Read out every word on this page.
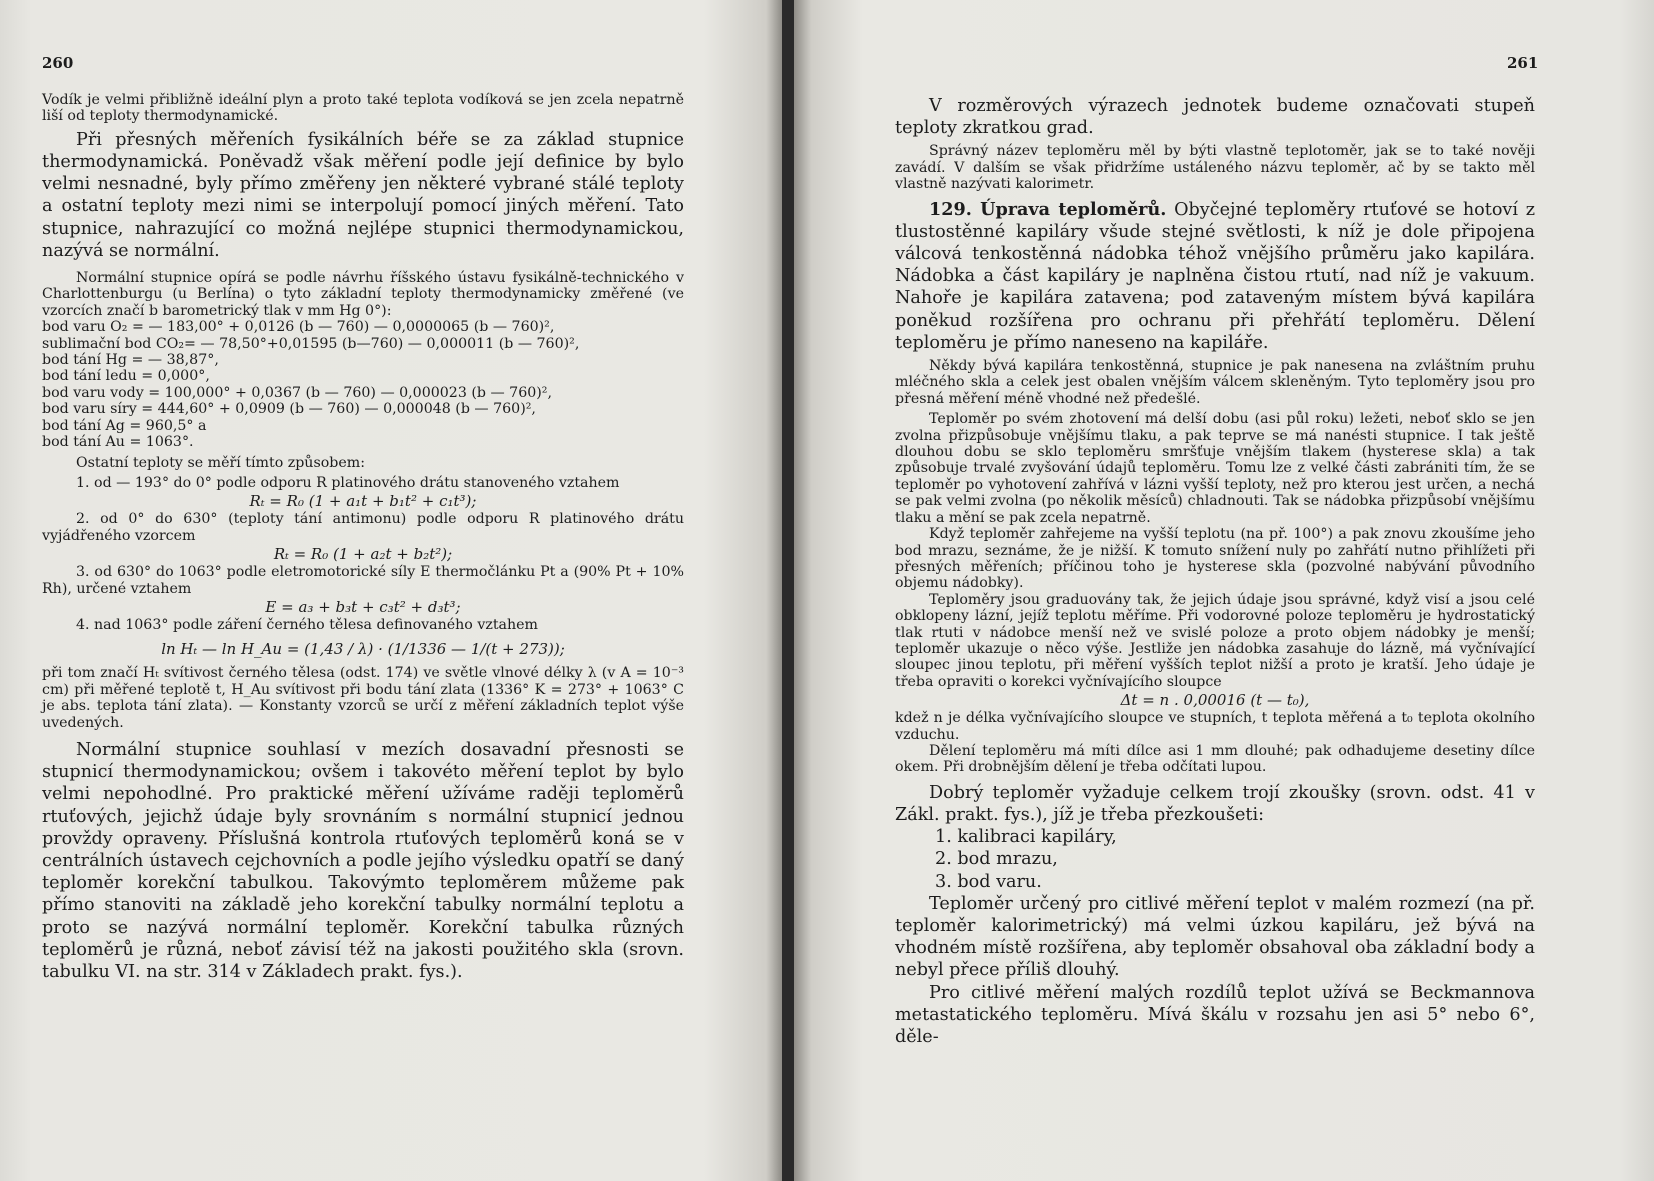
260

Vodík je velmi přibližně ideální plyn a proto také teplota vodíková se jen zcela nepatrně liší od teploty thermodynamické.

Při přesných měřeních fysikálních béře se za základ stupnice thermodynamická. Poněvadž však měření podle její definice by bylo velmi nesnadné, byly přímo změřeny jen některé vybrané stálé teploty a ostatní teploty mezi nimi se interpolují pomocí jiných měření. Tato stupnice, nahrazující co možná nejlépe stupnici thermodynamickou, nazývá se normální.

Normální stupnice opírá se podle návrhu říšského ústavu fysikálně-technického v Charlottenburgu (u Berlína) o tyto základní teploty thermodynamicky změřené (ve vzorcích značí b barometrický tlak v mm Hg 0°):

bod varu O₂ = — 183,00° + 0,0126 (b — 760) — 0,0000065 (b — 760)²,
sublimační bod CO₂= — 78,50°+0,01595 (b—760) — 0,000011 (b — 760)²,
bod tání Hg = — 38,87°,
bod tání ledu = 0,000°,
bod varu vody = 100,000° + 0,0367 (b — 760) — 0,000023 (b — 760)²,
bod varu síry = 444,60° + 0,0909 (b — 760) — 0,000048 (b — 760)²,
bod tání Ag = 960,5° a
bod tání Au = 1063°.

Ostatní teploty se měří tímto způsobem:

1. od — 193° do 0° podle odporu R platinového drátu stanoveného vztahem

Rₜ = R₀ (1 + a₁t + b₁t² + c₁t³);

2. od 0° do 630° (teploty tání antimonu) podle odporu R platinového drátu vyjádřeného vzorcem

Rₜ = R₀ (1 + a₂t + b₂t²);

3. od 630° do 1063° podle eletromotorické síly E thermočlánku Pt a (90% Pt + 10% Rh), určené vztahem

E = a₃ + b₃t + c₃t² + d₃t³;

4. nad 1063° podle záření černého tělesa definovaného vztahem

ln Hₜ — ln H_Au = (1,43 / λ) · (1/1336 — 1/(t + 273));

při tom značí Hₜ svítivost černého tělesa (odst. 174) ve světle vlnové délky λ (v A = 10⁻³ cm) při měřené teplotě t, H_Au svítivost při bodu tání zlata (1336° K = 273° + 1063° C je abs. teplota tání zlata). — Konstanty vzorců se určí z měření základních teplot výše uvedených.

Normální stupnice souhlasí v mezích dosavadní přesnosti se stupnicí thermodynamickou; ovšem i takovéto měření teplot by bylo velmi nepohodlné. Pro praktické měření užíváme raději teploměrů rtuťových, jejichž údaje byly srovnáním s normální stupnicí jednou provždy opraveny. Příslušná kontrola rtuťových teploměrů koná se v centrálních ústavech cejchovních a podle jejího výsledku opatří se daný teploměr korekční tabulkou. Takovýmto teploměrem můžeme pak přímo stanoviti na základě jeho korekční tabulky normální teplotu a proto se nazývá normální teploměr. Korekční tabulka různých teploměrů je různá, neboť závisí též na jakosti použitého skla (srovn. tabulku VI. na str. 314 v Základech prakt. fys.).

261

V rozměrových výrazech jednotek budeme označovati stupeň teploty zkratkou grad.

Správný název teploměru měl by býti vlastně teplotoměr, jak se to také nověji zavádí. V dalším se však přidržíme ustáleného názvu teploměr, ač by se takto měl vlastně nazývati kalorimetr.

129. Úprava teploměrů. Obyčejné teploměry rtuťové se hotoví z tlustostěnné kapiláry všude stejné světlosti, k níž je dole připojena válcová tenkostěnná nádobka téhož vnějšího průměru jako kapilára. Nádobka a část kapiláry je naplněna čistou rtutí, nad níž je vakuum. Nahoře je kapilára zatavena; pod zataveným místem bývá kapilára poněkud rozšířena pro ochranu při přehřátí teploměru. Dělení teploměru je přímo naneseno na kapiláře.

Někdy bývá kapilára tenkostěnná, stupnice je pak nanesena na zvláštním pruhu mléčného skla a celek jest obalen vnějším válcem skleněným. Tyto teploměry jsou pro přesná měření méně vhodné než předešlé.

Teploměr po svém zhotovení má delší dobu (asi půl roku) ležeti, neboť sklo se jen zvolna přizpůsobuje vnějšímu tlaku, a pak teprve se má nanésti stupnice. I tak ještě dlouhou dobu se sklo teploměru smršťuje vnějším tlakem (hysterese skla) a tak způsobuje trvalé zvyšování údajů teploměru. Tomu lze z velké části zabrániti tím, že se teploměr po vyhotovení zahřívá v lázni vyšší teploty, než pro kterou jest určen, a nechá se pak velmi zvolna (po několik měsíců) chladnouti. Tak se nádobka přizpůsobí vnějšímu tlaku a mění se pak zcela nepatrně.

Když teploměr zahřejeme na vyšší teplotu (na př. 100°) a pak znovu zkoušíme jeho bod mrazu, seznáme, že je nižší. K tomuto snížení nuly po zahřátí nutno přihlížeti při přesných měřeních; příčinou toho je hysterese skla (pozvolné nabývání původního objemu nádobky).

Teploměry jsou graduovány tak, že jejich údaje jsou správné, když visí a jsou celé obklopeny lázní, jejíž teplotu měříme. Při vodorovné poloze teploměru je hydrostatický tlak rtuti v nádobce menší než ve svislé poloze a proto objem nádobky je menší; teploměr ukazuje o něco výše. Jestliže jen nádobka zasahuje do lázně, má vyčnívající sloupec jinou teplotu, při měření vyšších teplot nižší a proto je kratší. Jeho údaje je třeba opraviti o korekci vyčnívajícího sloupce

Δt = n . 0,00016 (t — t₀),

kdež n je délka vyčnívajícího sloupce ve stupních, t teplota měřená a t₀ teplota okolního vzduchu.

Dělení teploměru má míti dílce asi 1 mm dlouhé; pak odhadujeme desetiny dílce okem. Při drobnějším dělení je třeba odčítati lupou.

Dobrý teploměr vyžaduje celkem trojí zkoušky (srovn. odst. 41 v Zákl. prakt. fys.), jíž je třeba přezkoušeti:

1. kalibraci kapiláry,
2. bod mrazu,
3. bod varu.

Teploměr určený pro citlivé měření teplot v malém rozmezí (na př. teploměr kalorimetrický) má velmi úzkou kapiláru, jež bývá na vhodném místě rozšířena, aby teploměr obsahoval oba základní body a nebyl přece příliš dlouhý.

Pro citlivé měření malých rozdílů teplot užívá se Beckmannova metastatického teploměru. Mívá škálu v rozsahu jen asi 5° nebo 6°, děle-
